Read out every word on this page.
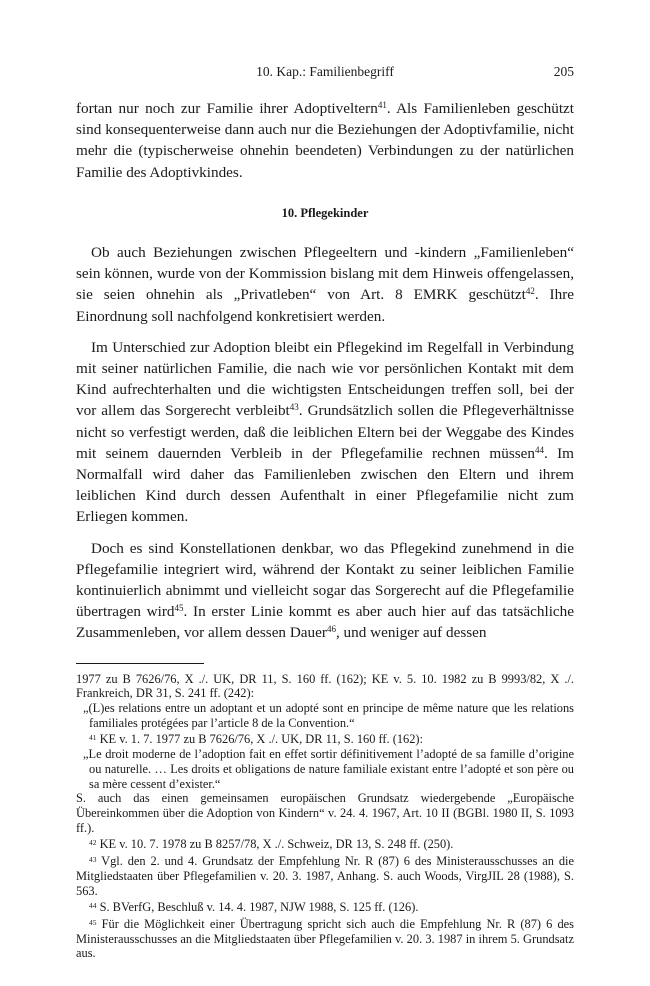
10. Kap.: Familienbegriff	205

fortan nur noch zur Familie ihrer Adoptiveltern$^{41}$. Als Familienleben geschützt sind konsequenterweise dann auch nur die Beziehungen der Adoptivfamilie, nicht mehr die (typischerweise ohnehin beendeten) Verbindungen zu der natürlichen Familie des Adoptivkindes.

10. Pflegekinder

Ob auch Beziehungen zwischen Pflegeeltern und -kindern „Familienleben“ sein können, wurde von der Kommission bislang mit dem Hinweis offengelassen, sie seien ohnehin als „Privatleben“ von Art. 8 EMRK geschützt$^{42}$. Ihre Einordnung soll nachfolgend konkretisiert werden.

Im Unterschied zur Adoption bleibt ein Pflegekind im Regelfall in Verbindung mit seiner natürlichen Familie, die nach wie vor persönlichen Kontakt mit dem Kind aufrechterhalten und die wichtigsten Entscheidungen treffen soll, bei der vor allem das Sorgerecht verbleibt$^{43}$. Grundsätzlich sollen die Pflegeverhältnisse nicht so verfestigt werden, daß die leiblichen Eltern bei der Weggabe des Kindes mit seinem dauernden Verbleib in der Pflegefamilie rechnen müssen$^{44}$. Im Normalfall wird daher das Familienleben zwischen den Eltern und ihrem leiblichen Kind durch dessen Aufenthalt in einer Pflegefamilie nicht zum Erliegen kommen.

Doch es sind Konstellationen denkbar, wo das Pflegekind zunehmend in die Pflegefamilie integriert wird, während der Kontakt zu seiner leiblichen Familie kontinuierlich abnimmt und vielleicht sogar das Sorgerecht auf die Pflegefamilie übertragen wird$^{45}$. In erster Linie kommt es aber auch hier auf das tatsächliche Zusammenleben, vor allem dessen Dauer$^{46}$, und weniger auf dessen

1977 zu B 7626/76, X ./. UK, DR 11, S. 160 ff. (162); KE v. 5. 10. 1982 zu B 9993/82, X ./. Frankreich, DR 31, S. 241 ff. (242):

„(L)es relations entre un adoptant et un adopté sont en principe de même nature que les relations familiales protégées par l’article 8 de la Convention.“

$^{41}$ KE v. 1. 7. 1977 zu B 7626/76, X ./. UK, DR 11, S. 160 ff. (162):

„Le droit moderne de l’adoption fait en effet sortir définitivement l’adopté de sa famille d’origine ou naturelle. … Les droits et obligations de nature familiale existant entre l’adopté et son père ou sa mère cessent d’exister.“

S. auch das einen gemeinsamen europäischen Grundsatz wiedergebende „Europäische Übereinkommen über die Adoption von Kindern“ v. 24. 4. 1967, Art. 10 II (BGBl. 1980 II, S. 1093 ff.).

$^{42}$ KE v. 10. 7. 1978 zu B 8257/78, X ./. Schweiz, DR 13, S. 248 ff. (250).

$^{43}$ Vgl. den 2. und 4. Grundsatz der Empfehlung Nr. R (87) 6 des Ministerausschusses an die Mitgliedstaaten über Pflegefamilien v. 20. 3. 1987, Anhang. S. auch Woods, VirgJIL 28 (1988), S. 563.

$^{44}$ S. BVerfG, Beschluß v. 14. 4. 1987, NJW 1988, S. 125 ff. (126).

$^{45}$ Für die Möglichkeit einer Übertragung spricht sich auch die Empfehlung Nr. R (87) 6 des Ministerausschusses an die Mitgliedstaaten über Pflegefamilien v. 20. 3. 1987 in ihrem 5. Grundsatz aus.
